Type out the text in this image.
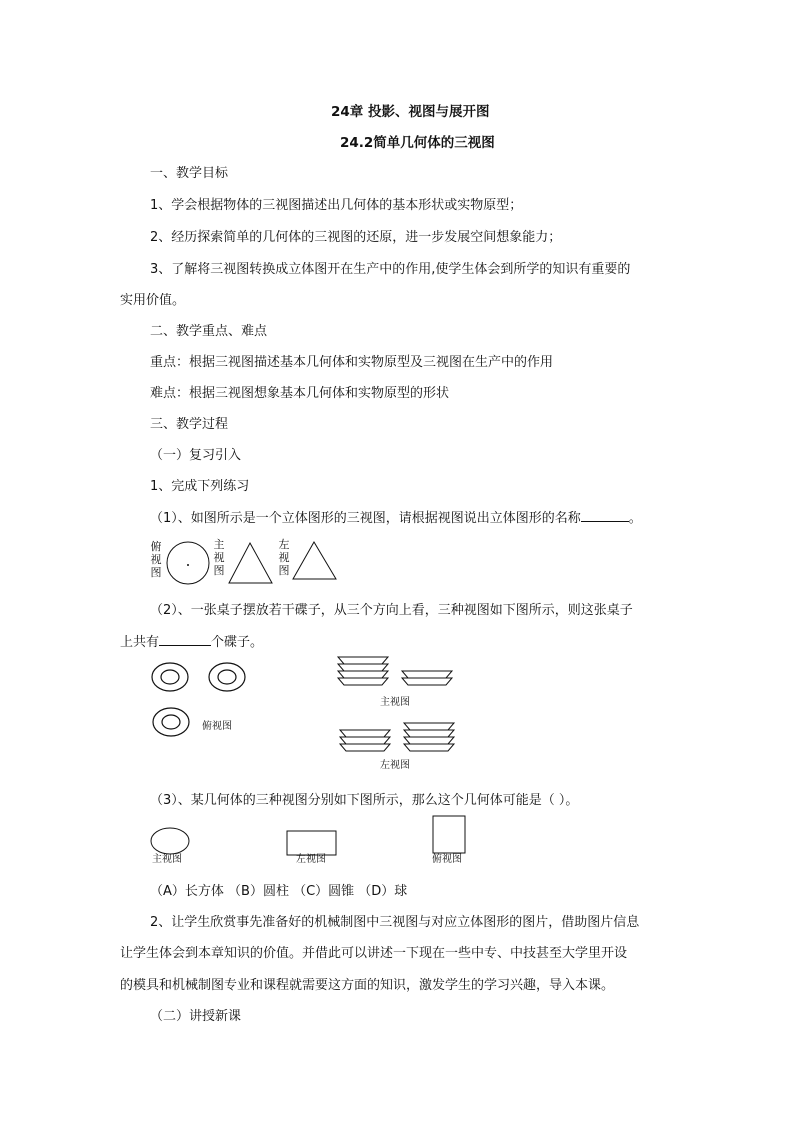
24章 投影、视图与展开图
24.2简单几何体的三视图
一、教学目标
1、学会根据物体的三视图描述出几何体的基本形状或实物原型；
2、经历探索简单的几何体的三视图的还原，进一步发展空间想象能力；
3、了解将三视图转换成立体图开在生产中的作用,使学生体会到所学的知识有重要的
实用价值。
二、教学重点、难点
重点：根据三视图描述基本几何体和实物原型及三视图在生产中的作用
难点：根据三视图想象基本几何体和实物原型的形状
三、教学过程
（一）复习引入
1、完成下列练习
（1）、如图所示是一个立体图形的三视图，请根据视图说出立体图形的名称	。
俯视图
主视图
左视图
（2）、一张桌子摆放若干碟子，从三个方向上看，三种视图如下图所示，则这张桌子
上共有	个碟子。
俯视图
主视图
左视图
（3）、某几何体的三种视图分别如下图所示，那么这个几何体可能是（ ）。
主视图	左视图	俯视图
（A）长方体 （B）圆柱 （C）圆锥 （D）球
2、让学生欣赏事先准备好的机械制图中三视图与对应立体图形的图片，借助图片信息
让学生体会到本章知识的价值。并借此可以讲述一下现在一些中专、中技甚至大学里开设
的模具和机械制图专业和课程就需要这方面的知识，激发学生的学习兴趣，导入本课。
（二）讲授新课
